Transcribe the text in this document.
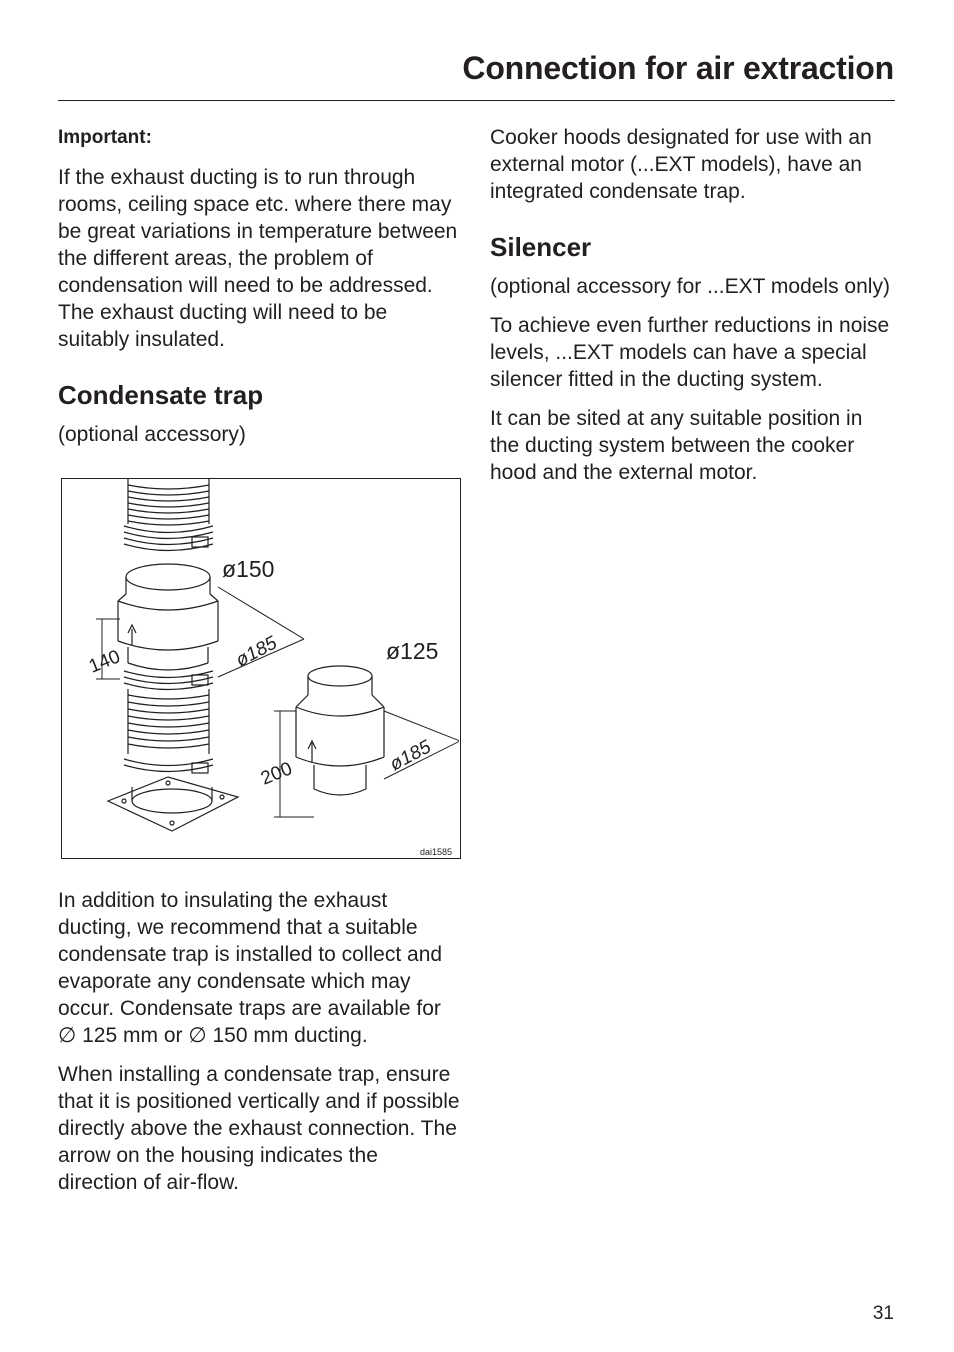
Connection for air extraction

Important:

If the exhaust ducting is to run through rooms, ceiling space etc. where there may be great variations in temperature between the different areas, the problem of condensation will need to be addressed. The exhaust ducting will need to be suitably insulated.

Condensate trap

(optional accessory)

ø150
ø125
ø185
ø185
140
200
dai1585

In addition to insulating the exhaust ducting, we recommend that a suitable condensate trap is installed to collect and evaporate any condensate which may occur. Condensate traps are available for ∅ 125 mm or ∅ 150 mm ducting.

When installing a condensate trap, ensure that it is positioned vertically and if possible directly above the exhaust connection. The arrow on the housing indicates the direction of air-flow.

Cooker hoods designated for use with an external motor (...EXT models), have an integrated condensate trap.

Silencer

(optional accessory for ...EXT models only)

To achieve even further reductions in noise levels, ...EXT models can have a special silencer fitted in the ducting system.

It can be sited at any suitable position in the ducting system between the cooker hood and the external motor.

31
